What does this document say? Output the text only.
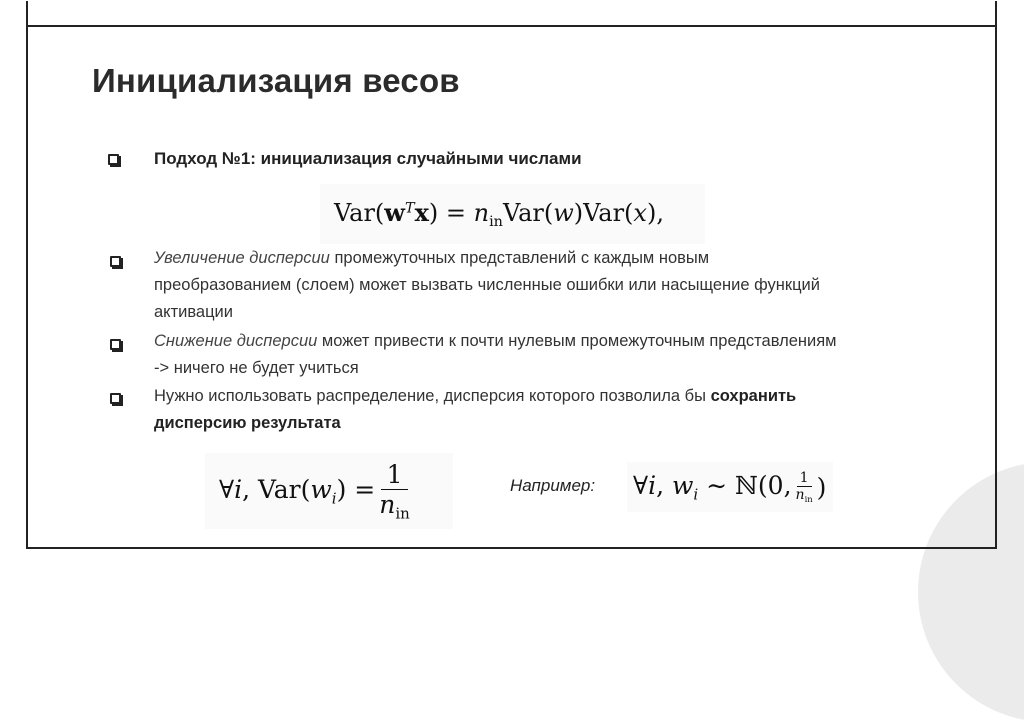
Инициализация весов
Подход №1: инициализация случайными числами
$Var(w^Tx) = n_{in}Var(w)Var(x)$,
Увеличение дисперсии промежуточных представлений с каждым новым преобразованием (слоем) может вызвать численные ошибки или насыщение функций активации
Снижение дисперсии может привести к почти нулевым промежуточным представлениям -> ничего не будет учиться
Нужно использовать распределение, дисперсия которого позволила бы сохранить дисперсию результата
∀i, $Var(w_i) = \frac{1}{n_{in}}$	Например: ∀i, $w_i$ ∼ ℕ(0, $\frac{1}{n_{in}}$ )
